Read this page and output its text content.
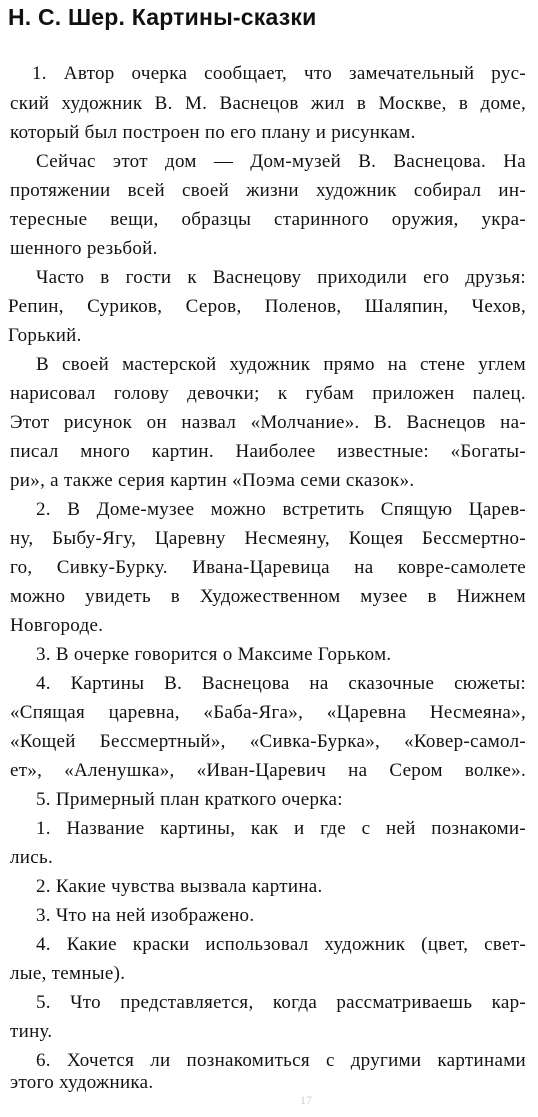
Н. С. Шер. Картины-сказки
1. Автор очерка сообщает, что замечательный рус-
ский художник В. М. Васнецов жил в Москве, в доме,
который был построен по его плану и рисункам.
Сейчас этот дом — Дом-музей В. Васнецова. На
протяжении всей своей жизни художник собирал ин-
тересные вещи, образцы старинного оружия, укра-
шенного резьбой.
Часто в гости к Васнецову приходили его друзья:
Репин, Суриков, Серов, Поленов, Шаляпин, Чехов,
Горький.
В своей мастерской художник прямо на стене углем
нарисовал голову девочки; к губам приложен палец.
Этот рисунок он назвал «Молчание». В. Васнецов на-
писал много картин. Наиболее известные: «Богаты-
ри», а также серия картин «Поэма семи сказок».
2. В Доме-музее можно встретить Спящую Царев-
ну, Быбу-Ягу, Царевну Несмеяну, Кощея Бессмертно-
го, Сивку-Бурку. Ивана-Царевица на ковре-самолете
можно увидеть в Художественном музее в Нижнем
Новгороде.
3. В очерке говорится о Максиме Горьком.
4. Картины В. Васнецова на сказочные сюжеты:
«Спящая царевна, «Баба-Яга», «Царевна Несмеяна»,
«Кощей Бессмертный», «Сивка-Бурка», «Ковер-самол-
ет», «Аленушка», «Иван-Царевич на Сером волке».
5. Примерный план краткого очерка:
1. Название картины, как и где с ней познакоми-
лись.
2. Какие чувства вызвала картина.
3. Что на ней изображено.
4. Какие краски использовал художник (цвет, свет-
лые, темные).
5. Что представляется, когда рассматриваешь кар-
тину.
6. Хочется ли познакомиться с другими картинами
этого художника.
17
